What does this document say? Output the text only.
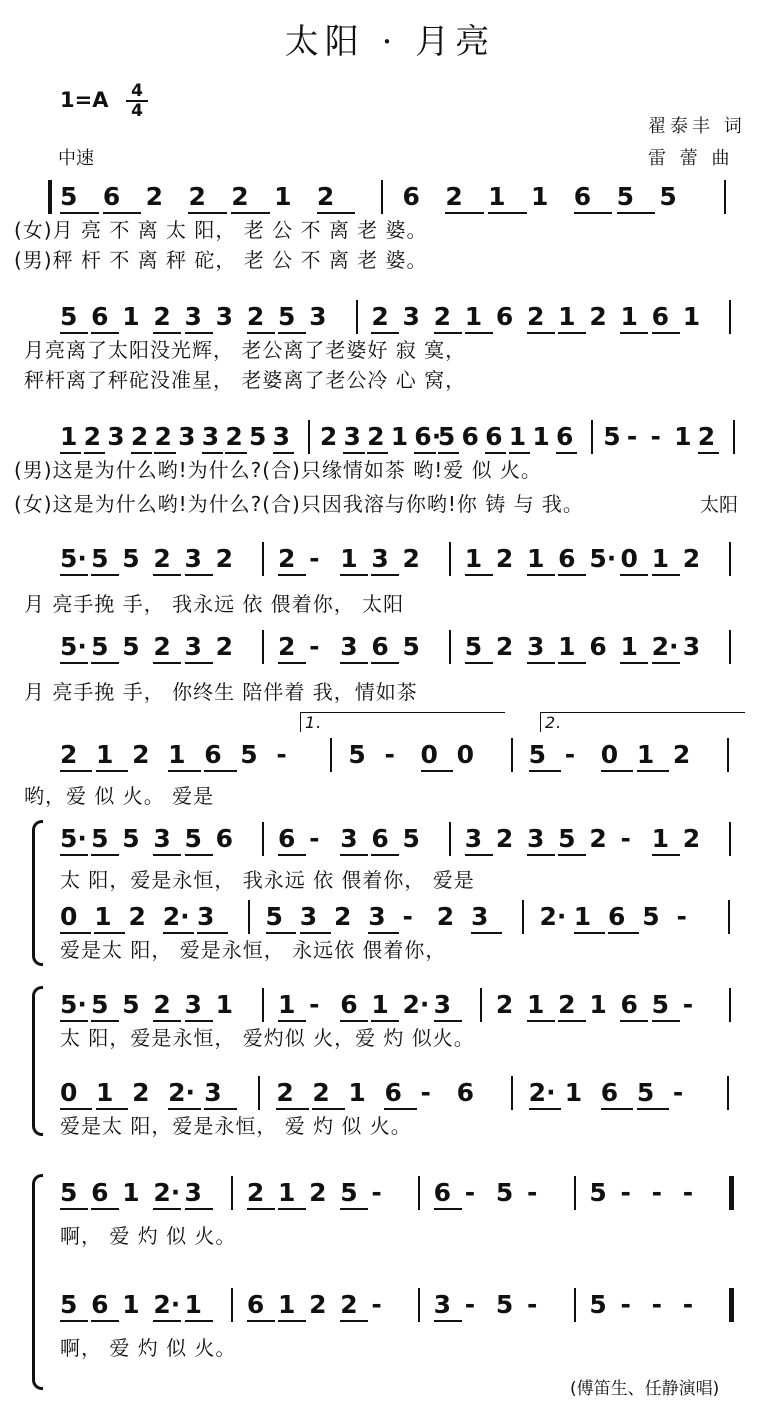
太阳 · 月亮
1=A 4
4
翟泰丰 词
雷 蕾 曲
中速
5 6 2 2 2 1 2	6 2 1 1 6 5 5
(女)月 亮 不 离 太 阳， 老 公 不 离 老 婆。
(男)秤 杆 不 离 秤 砣， 老 公 不 离 老 婆。
5 6 1 2 3 3 2 5 3 2 3 2 1 6 2 1 2 1 6 1
月亮离了太阳没光辉， 老公离了老婆好 寂 寞，
秤杆离了秤砣没准星， 老婆离了老公冷 心 窝，
1 2 3 2 2 3 3 2 5 3 2 3 2 1 6·
5 6 6 1 1 6 5 - - 1 2
(男)这是为什么哟!为什么?(合)只缘情如茶 哟!爱 似 火。
(女)这是为什么哟!为什么?(合)只因我溶与你哟!你 铸 与 我。	太阳
5· 5 5 2 3 2 2 - 1 3 2 1 2 1 6 5· 0 1 2
月 亮手挽 手， 我永远 依 偎着你， 太阳
5· 5 5 2 3 2 2 - 3 6 5 5 2 3 1 6 1 2· 3
月 亮手挽 手， 你终生 陪伴着 我，情如茶
2 1 2 1 6 5 - 5 - 0 0 5 - 0 1 2
哟，爱 似 火。 爱是
1.	2.
5· 5 5 3 5 6 6 - 3 6 5 3 2 3 5 2 - 1 2
太 阳，爱是永恒， 我永远 依 偎着你， 爱是
0 1 2 2· 3 5 3 2 3 - 2 3 2· 1 6 5 -
爱是太 阳， 爱是永恒， 永远依 偎着你，
5· 5 5 2 3 1 1 - 6 1 2· 3 2 1 2 1 6 5 -
太 阳，爱是永恒， 爱灼似 火，爱 灼 似火。
0 1 2 2· 3 2 2 1 6 - 6 2· 1 6 5 -
爱是太 阳，爱是永恒， 爱 灼 似 火。
5 6 1 2· 3 2 1 2 5 - 6 - 5 - 5 - - -
啊， 爱 灼 似 火。
5 6 1 2· 1 6 1 2 2 - 3 - 5 - 5 - - -
啊， 爱 灼 似 火。
(傅笛生、任静演唱)
